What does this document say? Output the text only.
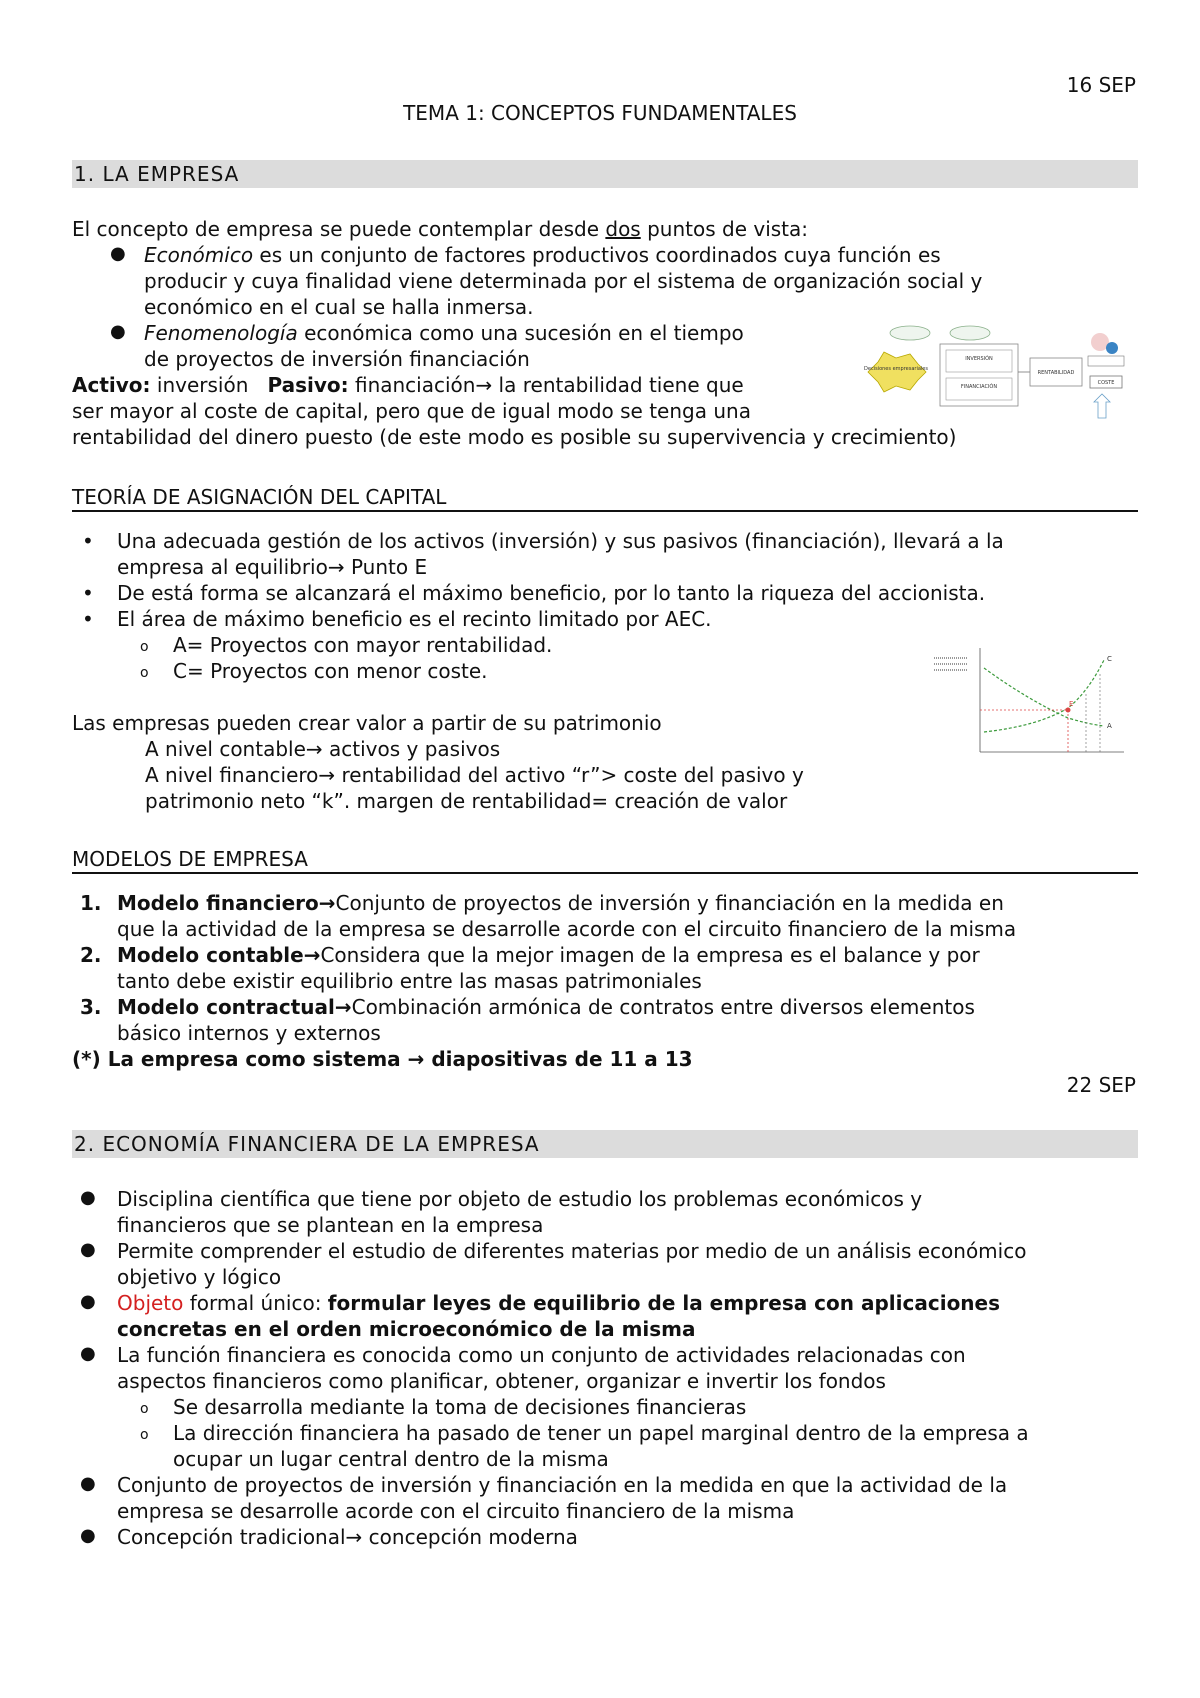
16 SEP
TEMA 1: CONCEPTOS FUNDAMENTALES
1. LA EMPRESA
El concepto de empresa se puede contemplar desde dos puntos de vista:
● Económico es un conjunto de factores productivos coordinados cuya función es
producir y cuya finalidad viene determinada por el sistema de organización social y
económico en el cual se halla inmersa.
● Fenomenología económica como una sucesión en el tiempo
de proyectos de inversión financiación
Activo: inversión   Pasivo: financiación→ la rentabilidad tiene que
ser mayor al coste de capital, pero que de igual modo se tenga una
rentabilidad del dinero puesto (de este modo es posible su supervivencia y crecimiento)
Decisiones empresariales
INVERSIÓN
FINANCIACIÓN
RENTABILIDAD
COSTE
TEORÍA DE ASIGNACIÓN DEL CAPITAL
• Una adecuada gestión de los activos (inversión) y sus pasivos (financiación), llevará a la
empresa al equilibrio→ Punto E
• De está forma se alcanzará el máximo beneficio, por lo tanto la riqueza del accionista.
• El área de máximo beneficio es el recinto limitado por AEC.
o A= Proyectos con mayor rentabilidad.
o C= Proyectos con menor coste.
Las empresas pueden crear valor a partir de su patrimonio
A nivel contable→ activos y pasivos
A nivel financiero→ rentabilidad del activo “r”> coste del pasivo y
patrimonio neto “k”. margen de rentabilidad= creación de valor
C
A
E
MODELOS DE EMPRESA
1. Modelo financiero→Conjunto de proyectos de inversión y financiación en la medida en
que la actividad de la empresa se desarrolle acorde con el circuito financiero de la misma
2. Modelo contable→Considera que la mejor imagen de la empresa es el balance y por
tanto debe existir equilibrio entre las masas patrimoniales
3. Modelo contractual→Combinación armónica de contratos entre diversos elementos
básico internos y externos
(*) La empresa como sistema → diapositivas de 11 a 13
22 SEP
2. ECONOMÍA FINANCIERA DE LA EMPRESA
● Disciplina científica que tiene por objeto de estudio los problemas económicos y
financieros que se plantean en la empresa
● Permite comprender el estudio de diferentes materias por medio de un análisis económico
objetivo y lógico
● Objeto formal único: formular leyes de equilibrio de la empresa con aplicaciones
concretas en el orden microeconómico de la misma
● La función financiera es conocida como un conjunto de actividades relacionadas con
aspectos financieros como planificar, obtener, organizar e invertir los fondos
o Se desarrolla mediante la toma de decisiones financieras
o La dirección financiera ha pasado de tener un papel marginal dentro de la empresa a
ocupar un lugar central dentro de la misma
● Conjunto de proyectos de inversión y financiación en la medida en que la actividad de la
empresa se desarrolle acorde con el circuito financiero de la misma
● Concepción tradicional→ concepción moderna
